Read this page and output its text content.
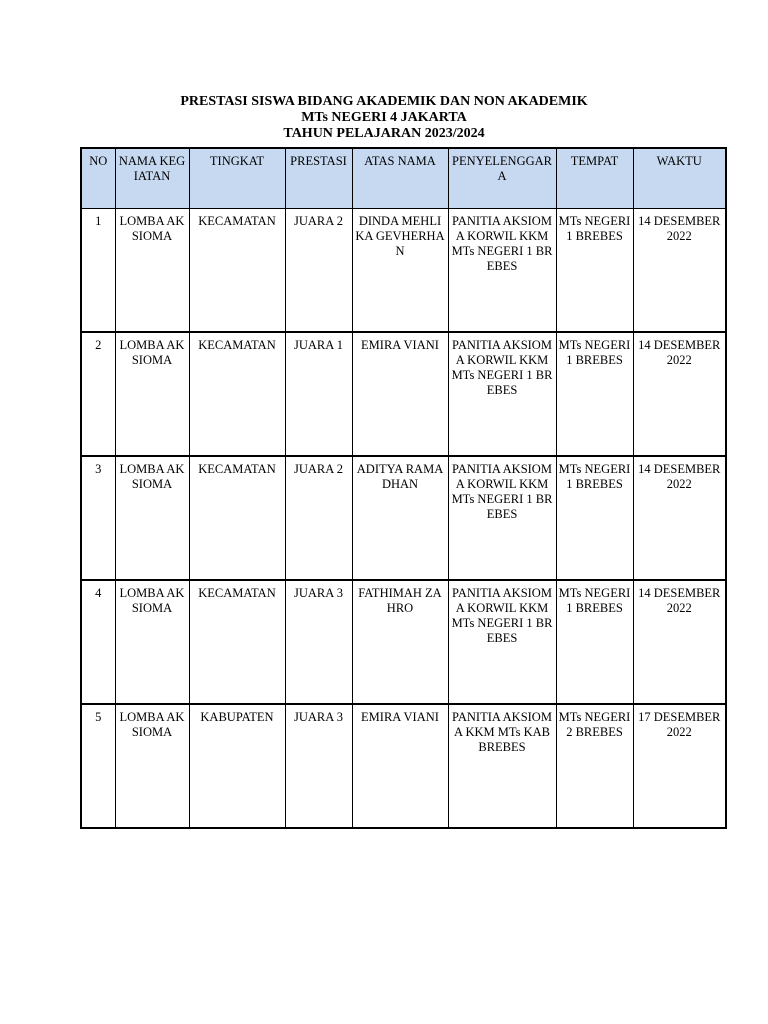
PRESTASI SISWA BIDANG AKADEMIK DAN NON AKADEMIK
MTs NEGERI 4 JAKARTA
TAHUN PELAJARAN 2023/2024
NO	NAMA KEGIATAN	TINGKAT	PRESTASI	ATAS NAMA	PENYELENGGARA	TEMPAT	WAKTU
1	LOMBA AKSIOMA	KECAMATAN	JUARA 2	DINDA MEHLIKA GEVHERHAN	PANITIA AKSIOMA KORWIL KKM MTs NEGERI 1 BREBES	MTs NEGERI 1 BREBES	14 DESEMBER 2022
2	LOMBA AKSIOMA	KECAMATAN	JUARA 1	EMIRA VIANI	PANITIA AKSIOMA KORWIL KKM MTs NEGERI 1 BREBES	MTs NEGERI 1 BREBES	14 DESEMBER 2022
3	LOMBA AKSIOMA	KECAMATAN	JUARA 2	ADITYA RAMADHAN	PANITIA AKSIOMA KORWIL KKM MTs NEGERI 1 BREBES	MTs NEGERI 1 BREBES	14 DESEMBER 2022
4	LOMBA AKSIOMA	KECAMATAN	JUARA 3	FATHIMAH ZAHRO	PANITIA AKSIOMA KORWIL KKM MTs NEGERI 1 BREBES	MTs NEGERI 1 BREBES	14 DESEMBER 2022
5	LOMBA AKSIOMA	KABUPATEN	JUARA 3	EMIRA VIANI	PANITIA AKSIOMA KKM MTs KAB BREBES	MTs NEGERI 2 BREBES	17 DESEMBER 2022
